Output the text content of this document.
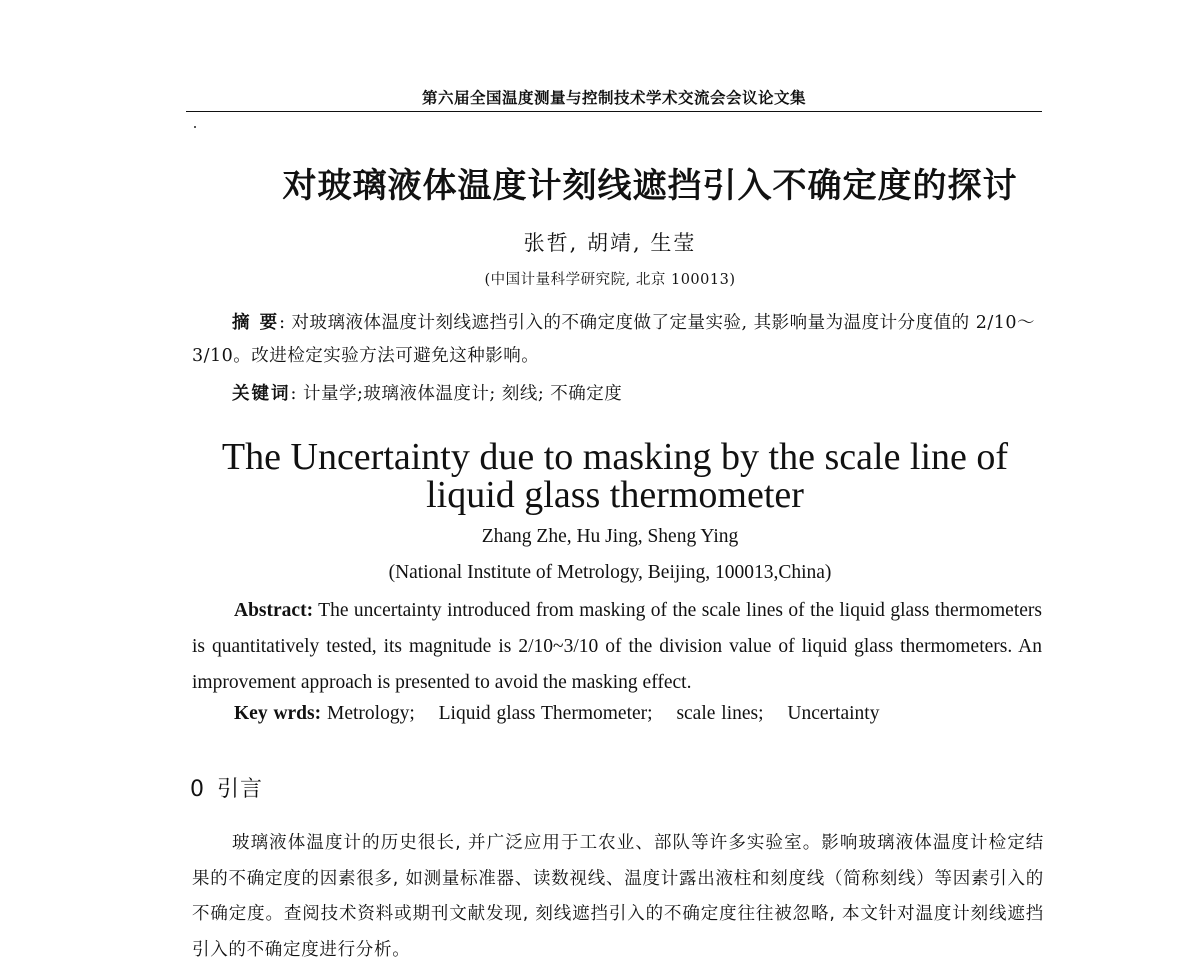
第六届全国温度测量与控制技术学术交流会会议论文集
对玻璃液体温度计刻线遮挡引入不确定度的探讨
张哲, 胡靖, 生莹
(中国计量科学研究院, 北京 100013)
摘 要: 对玻璃液体温度计刻线遮挡引入的不确定度做了定量实验, 其影响量为温度计分度值的 2/10～3/10。改进检定实验方法可避免这种影响。
关键词: 计量学;玻璃液体温度计; 刻线; 不确定度
The Uncertainty due to masking by the scale line of liquid glass thermometer
Zhang Zhe, Hu Jing, Sheng Ying
(National Institute of Metrology, Beijing, 100013,China)
Abstract: The uncertainty introduced from masking of the scale lines of the liquid glass thermometers is quantitatively tested, its magnitude is 2/10~3/10 of the division value of liquid glass thermometers. An improvement approach is presented to avoid the masking effect.
Key wrds: Metrology; Liquid glass Thermometer; scale lines; Uncertainty
0 引言
玻璃液体温度计的历史很长, 并广泛应用于工农业、部队等许多实验室。影响玻璃液体温度计检定结果的不确定度的因素很多, 如测量标准器、读数视线、温度计露出液柱和刻度线（简称刻线）等因素引入的不确定度。查阅技术资料或期刊文献发现, 刻线遮挡引入的不确定度往往被忽略, 本文针对温度计刻线遮挡引入的不确定度进行分析。
